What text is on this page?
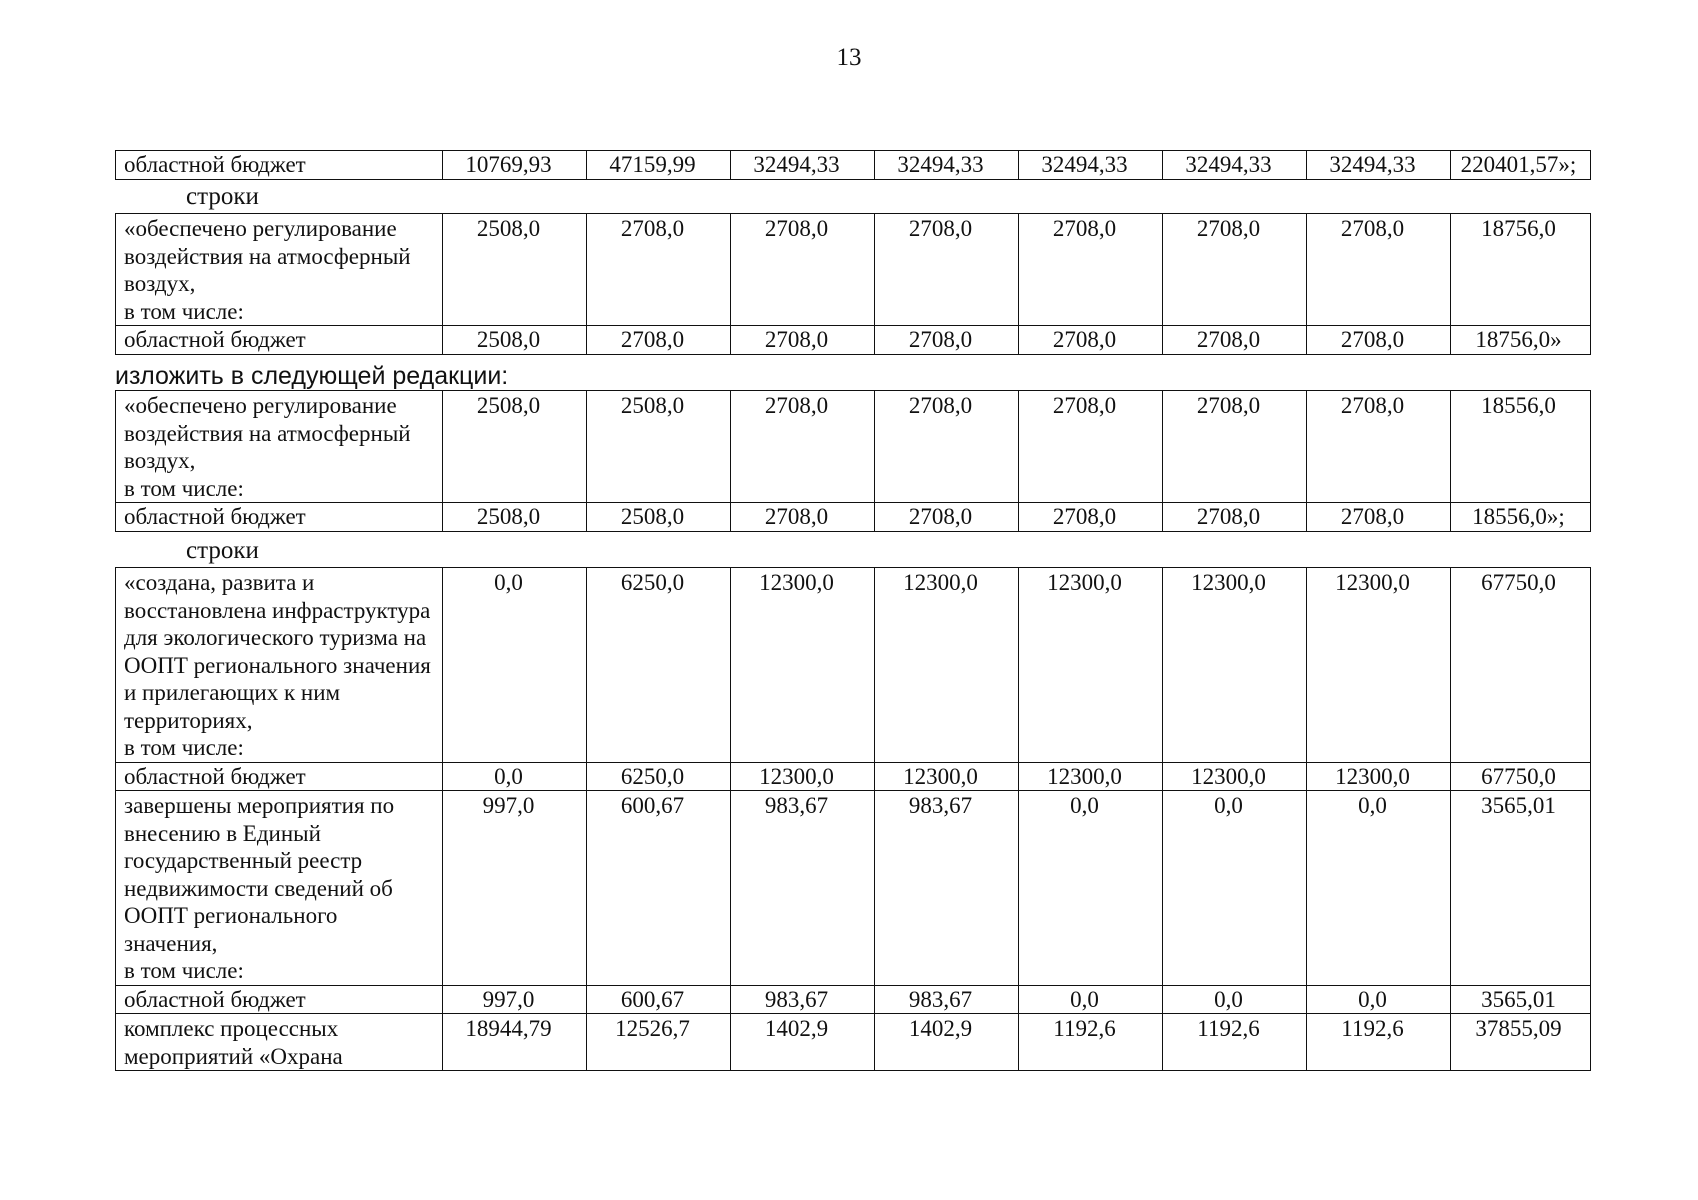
13
областной бюджет	10769,93	47159,99	32494,33	32494,33	32494,33	32494,33	32494,33	220401,57»;
строки
«обеспечено регулирование воздействия на атмосферный воздух,
в том числе:	2508,0	2708,0	2708,0	2708,0	2708,0	2708,0	2708,0	18756,0
областной бюджет	2508,0	2708,0	2708,0	2708,0	2708,0	2708,0	2708,0	18756,0»
изложить в следующей редакции:
«обеспечено регулирование воздействия на атмосферный воздух,
в том числе:	2508,0	2508,0	2708,0	2708,0	2708,0	2708,0	2708,0	18556,0
областной бюджет	2508,0	2508,0	2708,0	2708,0	2708,0	2708,0	2708,0	18556,0»;
строки
«создана, развита и восстановлена инфраструктура для экологического туризма на ООПТ регионального значения и прилегающих к ним территориях,
в том числе:	0,0	6250,0	12300,0	12300,0	12300,0	12300,0	12300,0	67750,0
областной бюджет	0,0	6250,0	12300,0	12300,0	12300,0	12300,0	12300,0	67750,0
завершены мероприятия по внесению в Единый государственный реестр недвижимости сведений об ООПТ регионального значения,
в том числе:	997,0	600,67	983,67	983,67	0,0	0,0	0,0	3565,01
областной бюджет	997,0	600,67	983,67	983,67	0,0	0,0	0,0	3565,01
комплекс процессных мероприятий «Охрана	18944,79	12526,7	1402,9	1402,9	1192,6	1192,6	1192,6	37855,09
